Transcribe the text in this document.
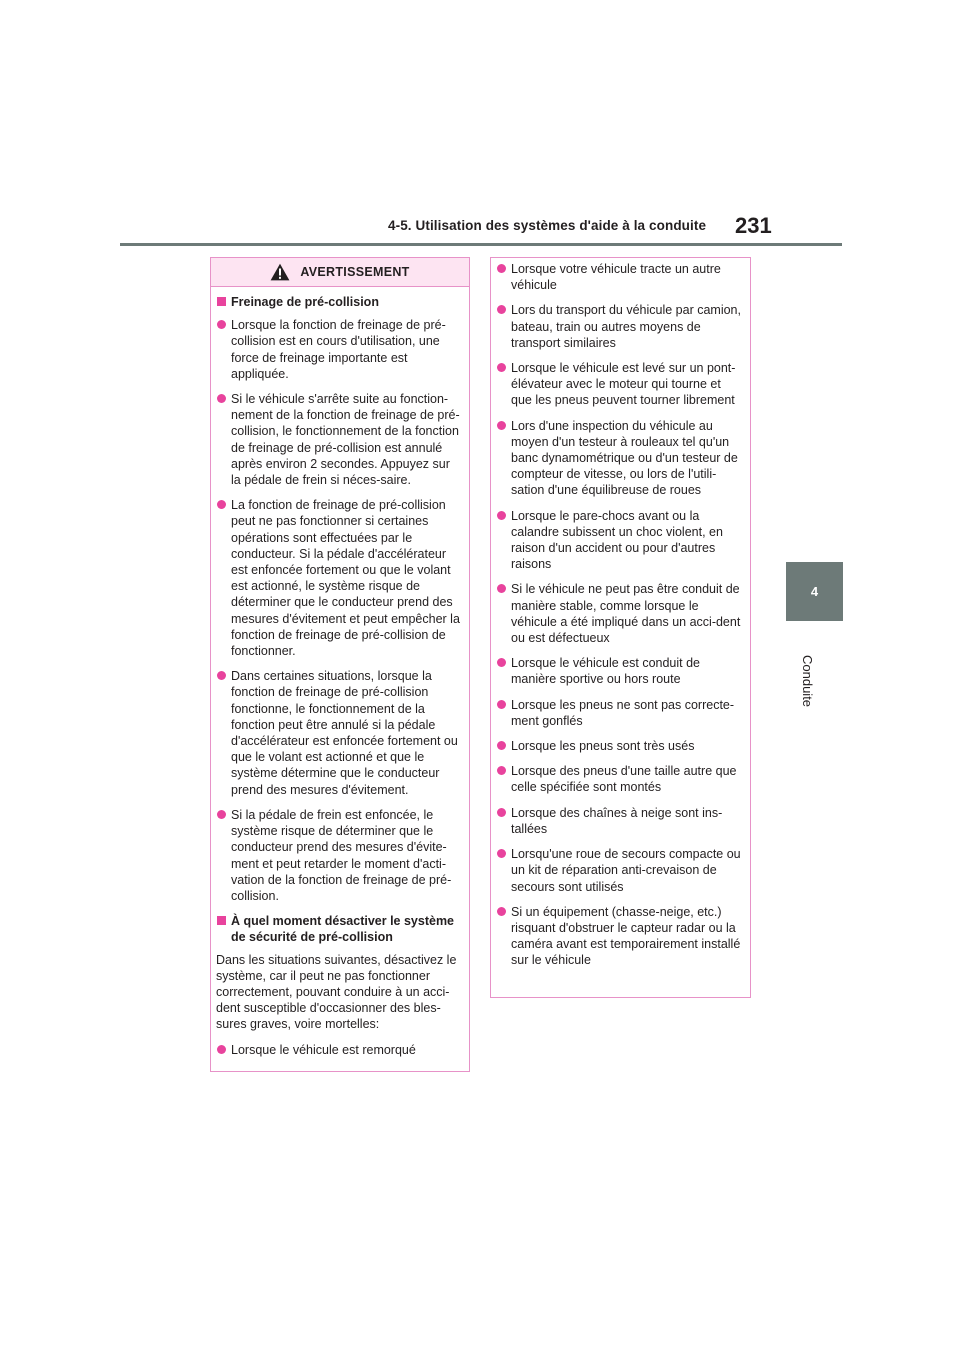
4-5. Utilisation des systèmes d'aide à la conduite 231
4
Conduite
AVERTISSEMENT
Freinage de pré-collision
Lorsque la fonction de freinage de pré-collision est en cours d'utilisation, une force de freinage importante est appliquée.
Si le véhicule s'arrête suite au fonction-nement de la fonction de freinage de pré-collision, le fonctionnement de la fonction de freinage de pré-collision est annulé après environ 2 secondes. Appuyez sur la pédale de frein si néces-saire.
La fonction de freinage de pré-collision peut ne pas fonctionner si certaines opérations sont effectuées par le conducteur. Si la pédale d'accélérateur est enfoncée fortement ou que le volant est actionné, le système risque de déterminer que le conducteur prend des mesures d'évitement et peut empêcher la fonction de freinage de pré-collision de fonctionner.
Dans certaines situations, lorsque la fonction de freinage de pré-collision fonctionne, le fonctionnement de la fonction peut être annulé si la pédale d'accélérateur est enfoncée fortement ou que le volant est actionné et que le système détermine que le conducteur prend des mesures d'évitement.
Si la pédale de frein est enfoncée, le système risque de déterminer que le conducteur prend des mesures d'évite-ment et peut retarder le moment d'acti-vation de la fonction de freinage de pré-collision.
À quel moment désactiver le système de sécurité de pré-collision
Dans les situations suivantes, désactivez le système, car il peut ne pas fonctionner correctement, pouvant conduire à un acci-dent susceptible d'occasionner des bles-sures graves, voire mortelles:
Lorsque le véhicule est remorqué
Lorsque votre véhicule tracte un autre véhicule
Lors du transport du véhicule par camion, bateau, train ou autres moyens de transport similaires
Lorsque le véhicule est levé sur un pont-élévateur avec le moteur qui tourne et que les pneus peuvent tourner librement
Lors d'une inspection du véhicule au moyen d'un testeur à rouleaux tel qu'un banc dynamométrique ou d'un testeur de compteur de vitesse, ou lors de l'utili-sation d'une équilibreuse de roues
Lorsque le pare-chocs avant ou la calandre subissent un choc violent, en raison d'un accident ou pour d'autres raisons
Si le véhicule ne peut pas être conduit de manière stable, comme lorsque le véhicule a été impliqué dans un acci-dent ou est défectueux
Lorsque le véhicule est conduit de manière sportive ou hors route
Lorsque les pneus ne sont pas correcte-ment gonflés
Lorsque les pneus sont très usés
Lorsque des pneus d'une taille autre que celle spécifiée sont montés
Lorsque des chaînes à neige sont ins-tallées
Lorsqu'une roue de secours compacte ou un kit de réparation anti-crevaison de secours sont utilisés
Si un équipement (chasse-neige, etc.) risquant d'obstruer le capteur radar ou la caméra avant est temporairement installé sur le véhicule
